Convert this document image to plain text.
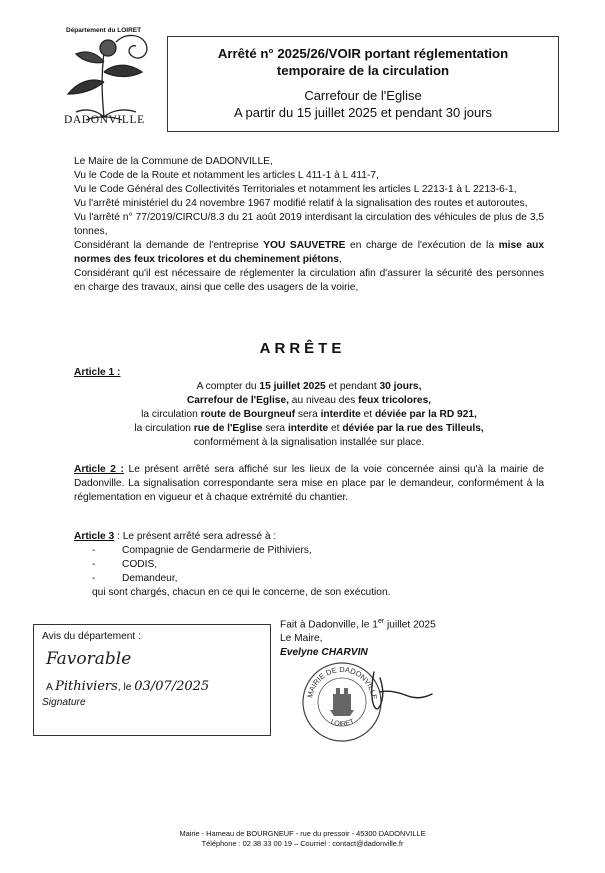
Département du LOIRET
DADONVILLE
Arrêté n° 2025/26/VOIR portant réglementation
temporaire de la circulation
Carrefour de l'Eglise
A partir du 15 juillet 2025 et pendant 30 jours
Le Maire de la Commune de DADONVILLE,
Vu le Code de la Route et notamment les articles L 411-1 à L 411-7,
Vu le Code Général des Collectivités Territoriales et notamment les articles L 2213-1 à L 2213-6-1,
Vu l'arrêté ministériel du 24 novembre 1967 modifié relatif à la signalisation des routes et autoroutes,
Vu l'arrêté n° 77/2019/CIRCU/8.3 du 21 août 2019 interdisant la circulation des véhicules de plus de 3,5 tonnes,
Considérant la demande de l'entreprise YOU SAUVETRE en charge de l'exécution de la mise aux normes des feux tricolores et du cheminement piétons,
Considérant qu'il est nécessaire de réglementer la circulation afin d'assurer la sécurité des personnes en charge des travaux, ainsi que celle des usagers de la voirie,
ARRÊTE
Article 1 :
A compter du 15 juillet 2025 et pendant 30 jours,
Carrefour de l'Eglise, au niveau des feux tricolores,
la circulation route de Bourgneuf sera interdite et déviée par la RD 921,
la circulation rue de l'Eglise sera interdite et déviée par la rue des Tilleuls,
conformément à la signalisation installée sur place.
Article 2 : Le présent arrêté sera affiché sur les lieux de la voie concernée ainsi qu'à la mairie de Dadonville. La signalisation correspondante sera mise en place par le demandeur, conformément à la réglementation en vigueur et à chaque extrémité du chantier.
Article 3 : Le présent arrêté sera adressé à :
- Compagnie de Gendarmerie de Pithiviers,
- CODIS,
- Demandeur,
qui sont chargés, chacun en ce qui le concerne, de son exécution.
Avis du département :
Favorable
A Pithiviers, le 03/07/2025
Signature
Fait à Dadonville, le 1er juillet 2025
Le Maire,
Evelyne CHARVIN
MAIRIE DE DADONVILLE
LOIRET
Mairie - Hameau de BOURGNEUF - rue du pressoir - 45300 DADONVILLE
Téléphone : 02 38 33 00 19 – Courriel : contact@dadonville.fr
